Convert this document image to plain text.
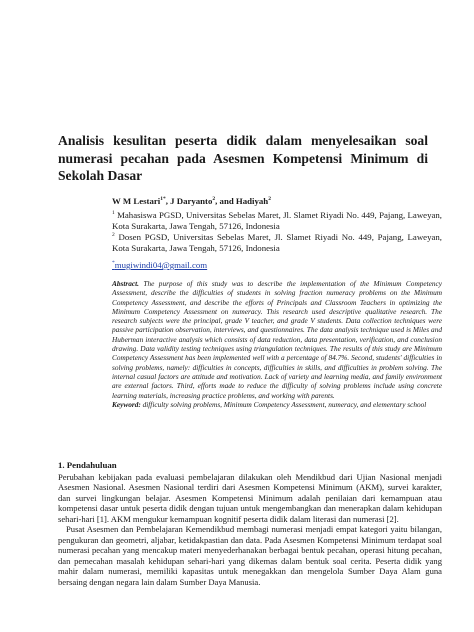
Analisis kesulitan peserta didik dalam menyelesaikan soal numerasi pecahan pada Asesmen Kompetensi Minimum di Sekolah Dasar
W M Lestari$^{1*}$, J Daryanto$^2$, and Hadiyah$^2$
$^1$ Mahasiswa PGSD, Universitas Sebelas Maret, Jl. Slamet Riyadi No. 449, Pajang, Laweyan, Kota Surakarta, Jawa Tengah, 57126, Indonesia
$^2$ Dosen PGSD, Universitas Sebelas Maret, Jl. Slamet Riyadi No. 449, Pajang, Laweyan, Kota Surakarta, Jawa Tengah, 57126, Indonesia
*mugiwindi04@gmail.com
Abstract. The purpose of this study was to describe the implementation of the Minimum Competency Assessment, describe the difficulties of students in solving fraction numeracy problems on the Minimum Competency Assessment, and describe the efforts of Principals and Classroom Teachers in optimizing the Minimum Competency Assessment on numeracy. This research used descriptive qualitative research. The research subjects were the principal, grade V teacher, and grade V students. Data collection techniques were passive participation observation, interviews, and questionnaires. The data analysis technique used is Miles and Huberman interactive analysis which consists of data reduction, data presentation, verification, and conclusion drawing. Data validity testing techniques using triangulation techniques. The results of this study are Minimum Competency Assessment has been implemented well with a percentage of 84.7%. Second, students' difficulties in solving problems, namely: difficulties in concepts, difficulties in skills, and difficulties in problem solving. The internal casual factors are attitude and motivation. Lack of variety and learning media, and family environment are external factors. Third, efforts made to reduce the difficulty of solving problems include using concrete learning materials, increasing practice problems, and working with parents.
Keyword: difficulty solving problems, Minimum Competency Assessment, numeracy, and elementary school
1. Pendahuluan

Perubahan kebijakan pada evaluasi pembelajaran dilakukan oleh Mendikbud dari Ujian Nasional menjadi Asesmen Nasional. Asesmen Nasional terdiri dari Asesmen Kompetensi Minimum (AKM), survei karakter, dan survei lingkungan belajar. Asesmen Kompetensi Minimum adalah penilaian dari kemampuan atau kompetensi dasar untuk peserta didik dengan tujuan untuk mengembangkan dan menerapkan dalam kehidupan sehari-hari [1]. AKM mengukur kemampuan kognitif peserta didik dalam literasi dan numerasi [2].

Pusat Asesmen dan Pembelajaran Kemendikbud membagi numerasi menjadi empat kategori yaitu bilangan, pengukuran dan geometri, aljabar, ketidakpastian dan data. Pada Asesmen Kompetensi Minimum terdapat soal numerasi pecahan yang mencakup materi menyederhanakan berbagai bentuk pecahan, operasi hitung pecahan, dan pemecahan masalah kehidupan sehari-hari yang dikemas dalam bentuk soal cerita. Peserta didik yang mahir dalam numerasi, memiliki kapasitas untuk menegakkan dan mengelola Sumber Daya Alam guna bersaing dengan negara lain dalam Sumber Daya Manusia.
